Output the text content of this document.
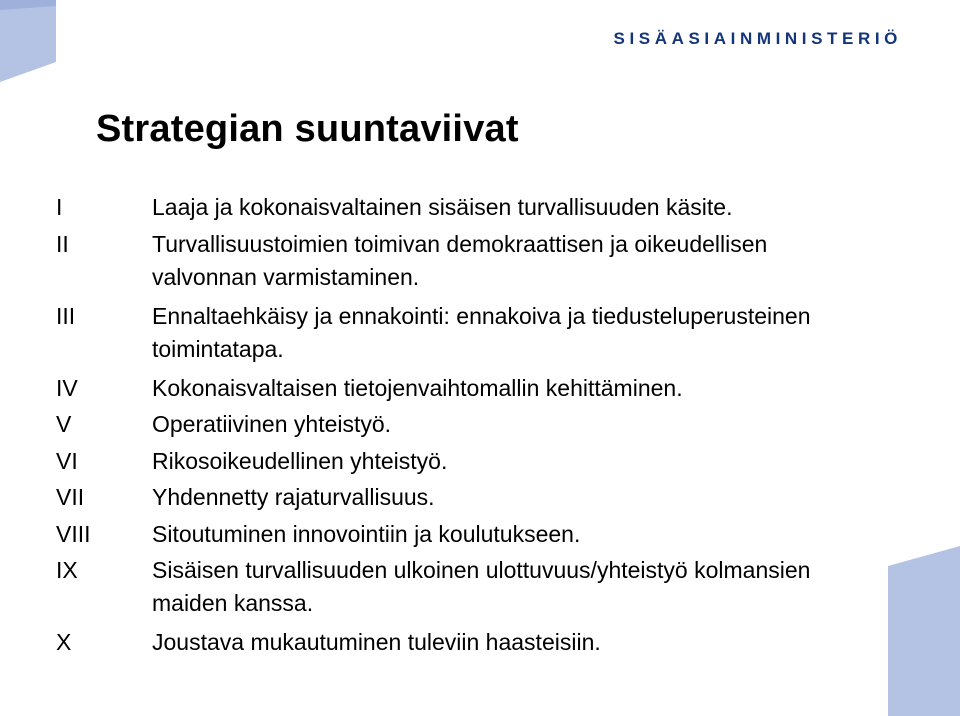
SISÄASIAINMINISTERIÖ
Strategian suuntaviivat
I	Laaja ja kokonaisvaltainen sisäisen turvallisuuden käsite.
II	Turvallisuustoimien toimivan demokraattisen ja oikeudellisen valvonnan varmistaminen.
III	Ennaltaehkäisy ja ennakointi: ennakoiva ja tiedusteluperusteinen toimintatapa.
IV	Kokonaisvaltaisen tietojenvaihtomallin kehittäminen.
V	Operatiivinen yhteistyö.
VI	Rikosoikeudellinen yhteistyö.
VII	Yhdennetty rajaturvallisuus.
VIII	Sitoutuminen innovointiin ja koulutukseen.
IX	Sisäisen turvallisuuden ulkoinen ulottuvuus/yhteistyö kolmansien maiden kanssa.
X	Joustava mukautuminen tuleviin haasteisiin.
